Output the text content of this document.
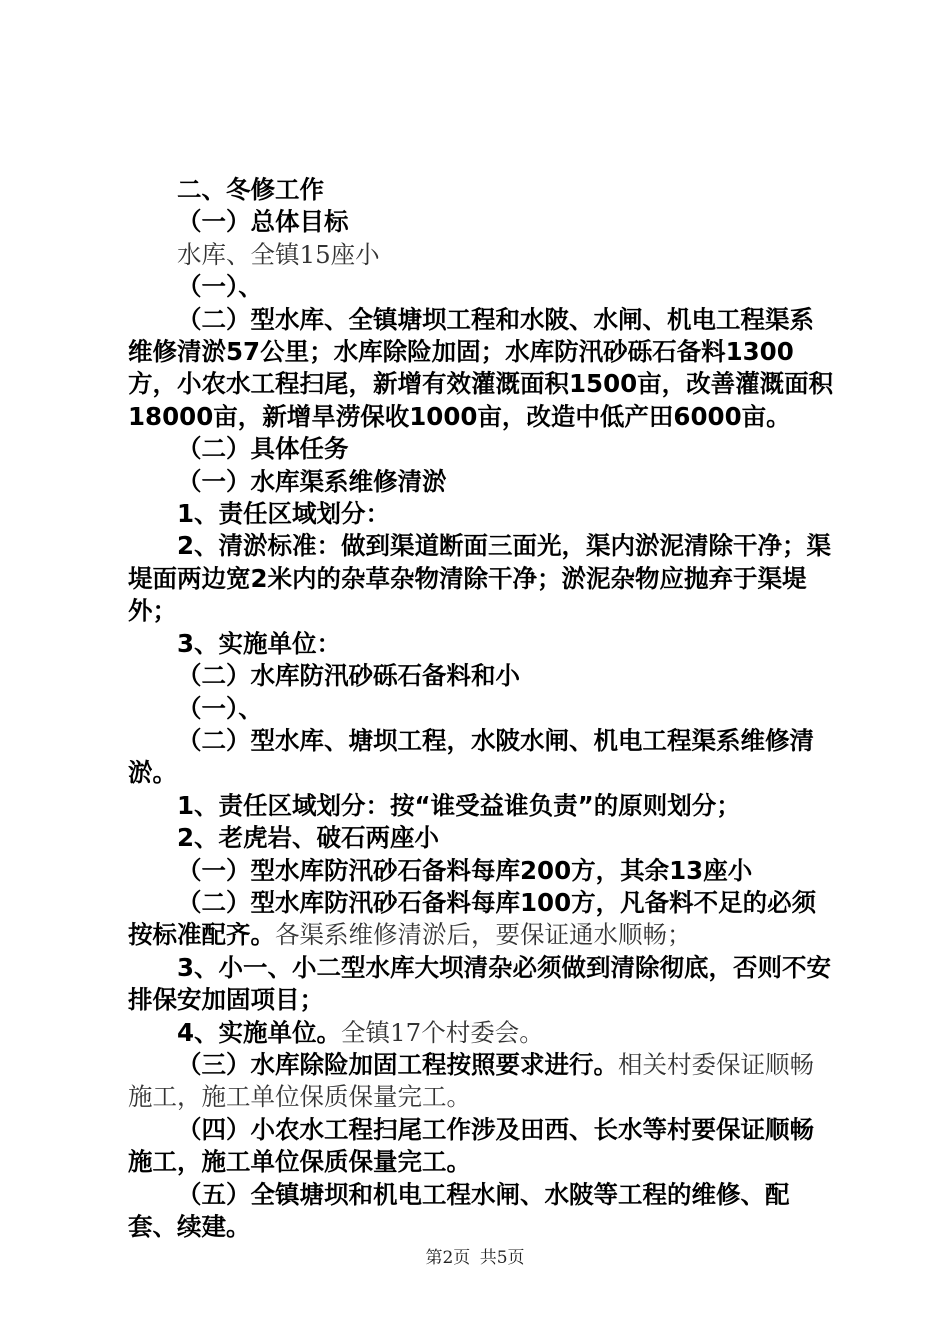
二、冬修工作

（一）总体目标

水库、全镇15座小

（一）、

（二）型水库、全镇塘坝工程和水陂、水闸、机电工程渠系维修清淤57公里；水库除险加固；水库防汛砂砾石备料1300方，小农水工程扫尾，新增有效灌溉面积1500亩，改善灌溉面积18000亩，新增旱涝保收1000亩，改造中低产田6000亩。

（二）具体任务

（一）水库渠系维修清淤

1、责任区域划分：

2、清淤标准：做到渠道断面三面光，渠内淤泥清除干净；渠堤面两边宽2米内的杂草杂物清除干净；淤泥杂物应抛弃于渠堤外；

3、实施单位：

（二）水库防汛砂砾石备料和小

（一）、

（二）型水库、塘坝工程，水陂水闸、机电工程渠系维修清淤。

1、责任区域划分：按“谁受益谁负责”的原则划分；

2、老虎岩、破石两座小

（一）型水库防汛砂石备料每库200方，其余13座小

（二）型水库防汛砂石备料每库100方，凡备料不足的必须按标准配齐。各渠系维修清淤后，要保证通水顺畅；

3、小一、小二型水库大坝清杂必须做到清除彻底，否则不安排保安加固项目；

4、实施单位。全镇17个村委会。

（三）水库除险加固工程按照要求进行。相关村委保证顺畅施工，施工单位保质保量完工。

（四）小农水工程扫尾工作涉及田西、长水等村要保证顺畅施工，施工单位保质保量完工。

（五）全镇塘坝和机电工程水闸、水陂等工程的维修、配套、续建。

第2页 共5页
